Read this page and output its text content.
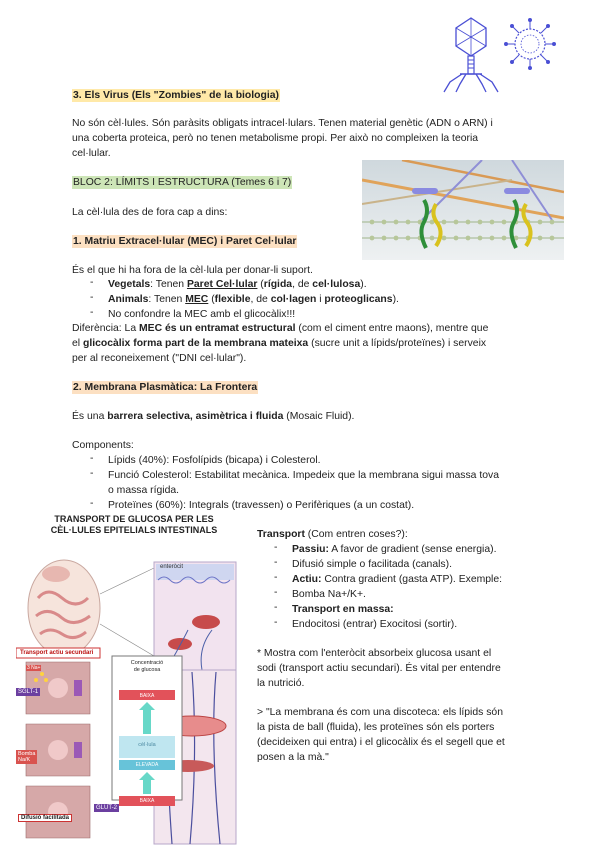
3. Els Virus (Els "Zombies" de la biologia)
No són cèl·lules. Són paràsits obligats intracel·lulars. Tenen material genètic (ADN o ARN) i
una coberta proteica, però no tenen metabolisme propi. Per això no compleixen la teoria
cel·lular.
BLOC 2: LÍMITS I ESTRUCTURA (Temes 6 i 7)
La cèl·lula des de fora cap a dins:
1. Matriu Extracel·lular (MEC) i Paret Cel·lular
És el que hi ha fora de la cèl·lula per donar-li suport.
- Vegetals: Tenen Paret Cel·lular (rígida, de cel·lulosa).
- Animals: Tenen MEC (flexible, de col·lagen i proteoglicans).
- No confondre la MEC amb el glicocàlix!!!
Diferència: La MEC és un entramat estructural (com el ciment entre maons), mentre que
el glicocàlix forma part de la membrana mateixa (sucre unit a lípids/proteïnes) i serveix
per al reconeixement ("DNI cel·lular").
2. Membrana Plasmàtica: La Frontera
És una barrera selectiva, asimètrica i fluida (Mosaic Fluid).
Components:
- Lípids (40%): Fosfolípids (bicapa) i Colesterol.
- Funció Colesterol: Estabilitat mecànica. Impedeix que la membrana sigui massa tova
o massa rígida.
- Proteïnes (60%): Integrals (travessen) o Perifèriques (a un costat).
TRANSPORT DE GLUCOSA PER LES
CÈL·LULES EPITELIALS INTESTINALS
enteròcit
Transport actiu secundari
SGLT-1
3 Na+
Bomba
Na/K
Difusió facilitada
GLUT-2
Concentració
de glucosa
BAIXA
cèl·lula
ELEVADA
BAIXA
Transport (Com entren coses?):
- Passiu: A favor de gradient (sense energia).
- Difusió simple o facilitada (canals).
- Actiu: Contra gradient (gasta ATP). Exemple:
- Bomba Na+/K+.
- Transport en massa:
- Endocitosi (entrar) Exocitosi (sortir).
* Mostra com l'enteròcit absorbeix glucosa usant el
sodi (transport actiu secundari). És vital per entendre
la nutrició.
> "La membrana és com una discoteca: els lípids són
la pista de ball (fluida), les proteïnes són els porters
(decideixen qui entra) i el glicocàlix és el segell que et
posen a la mà."
